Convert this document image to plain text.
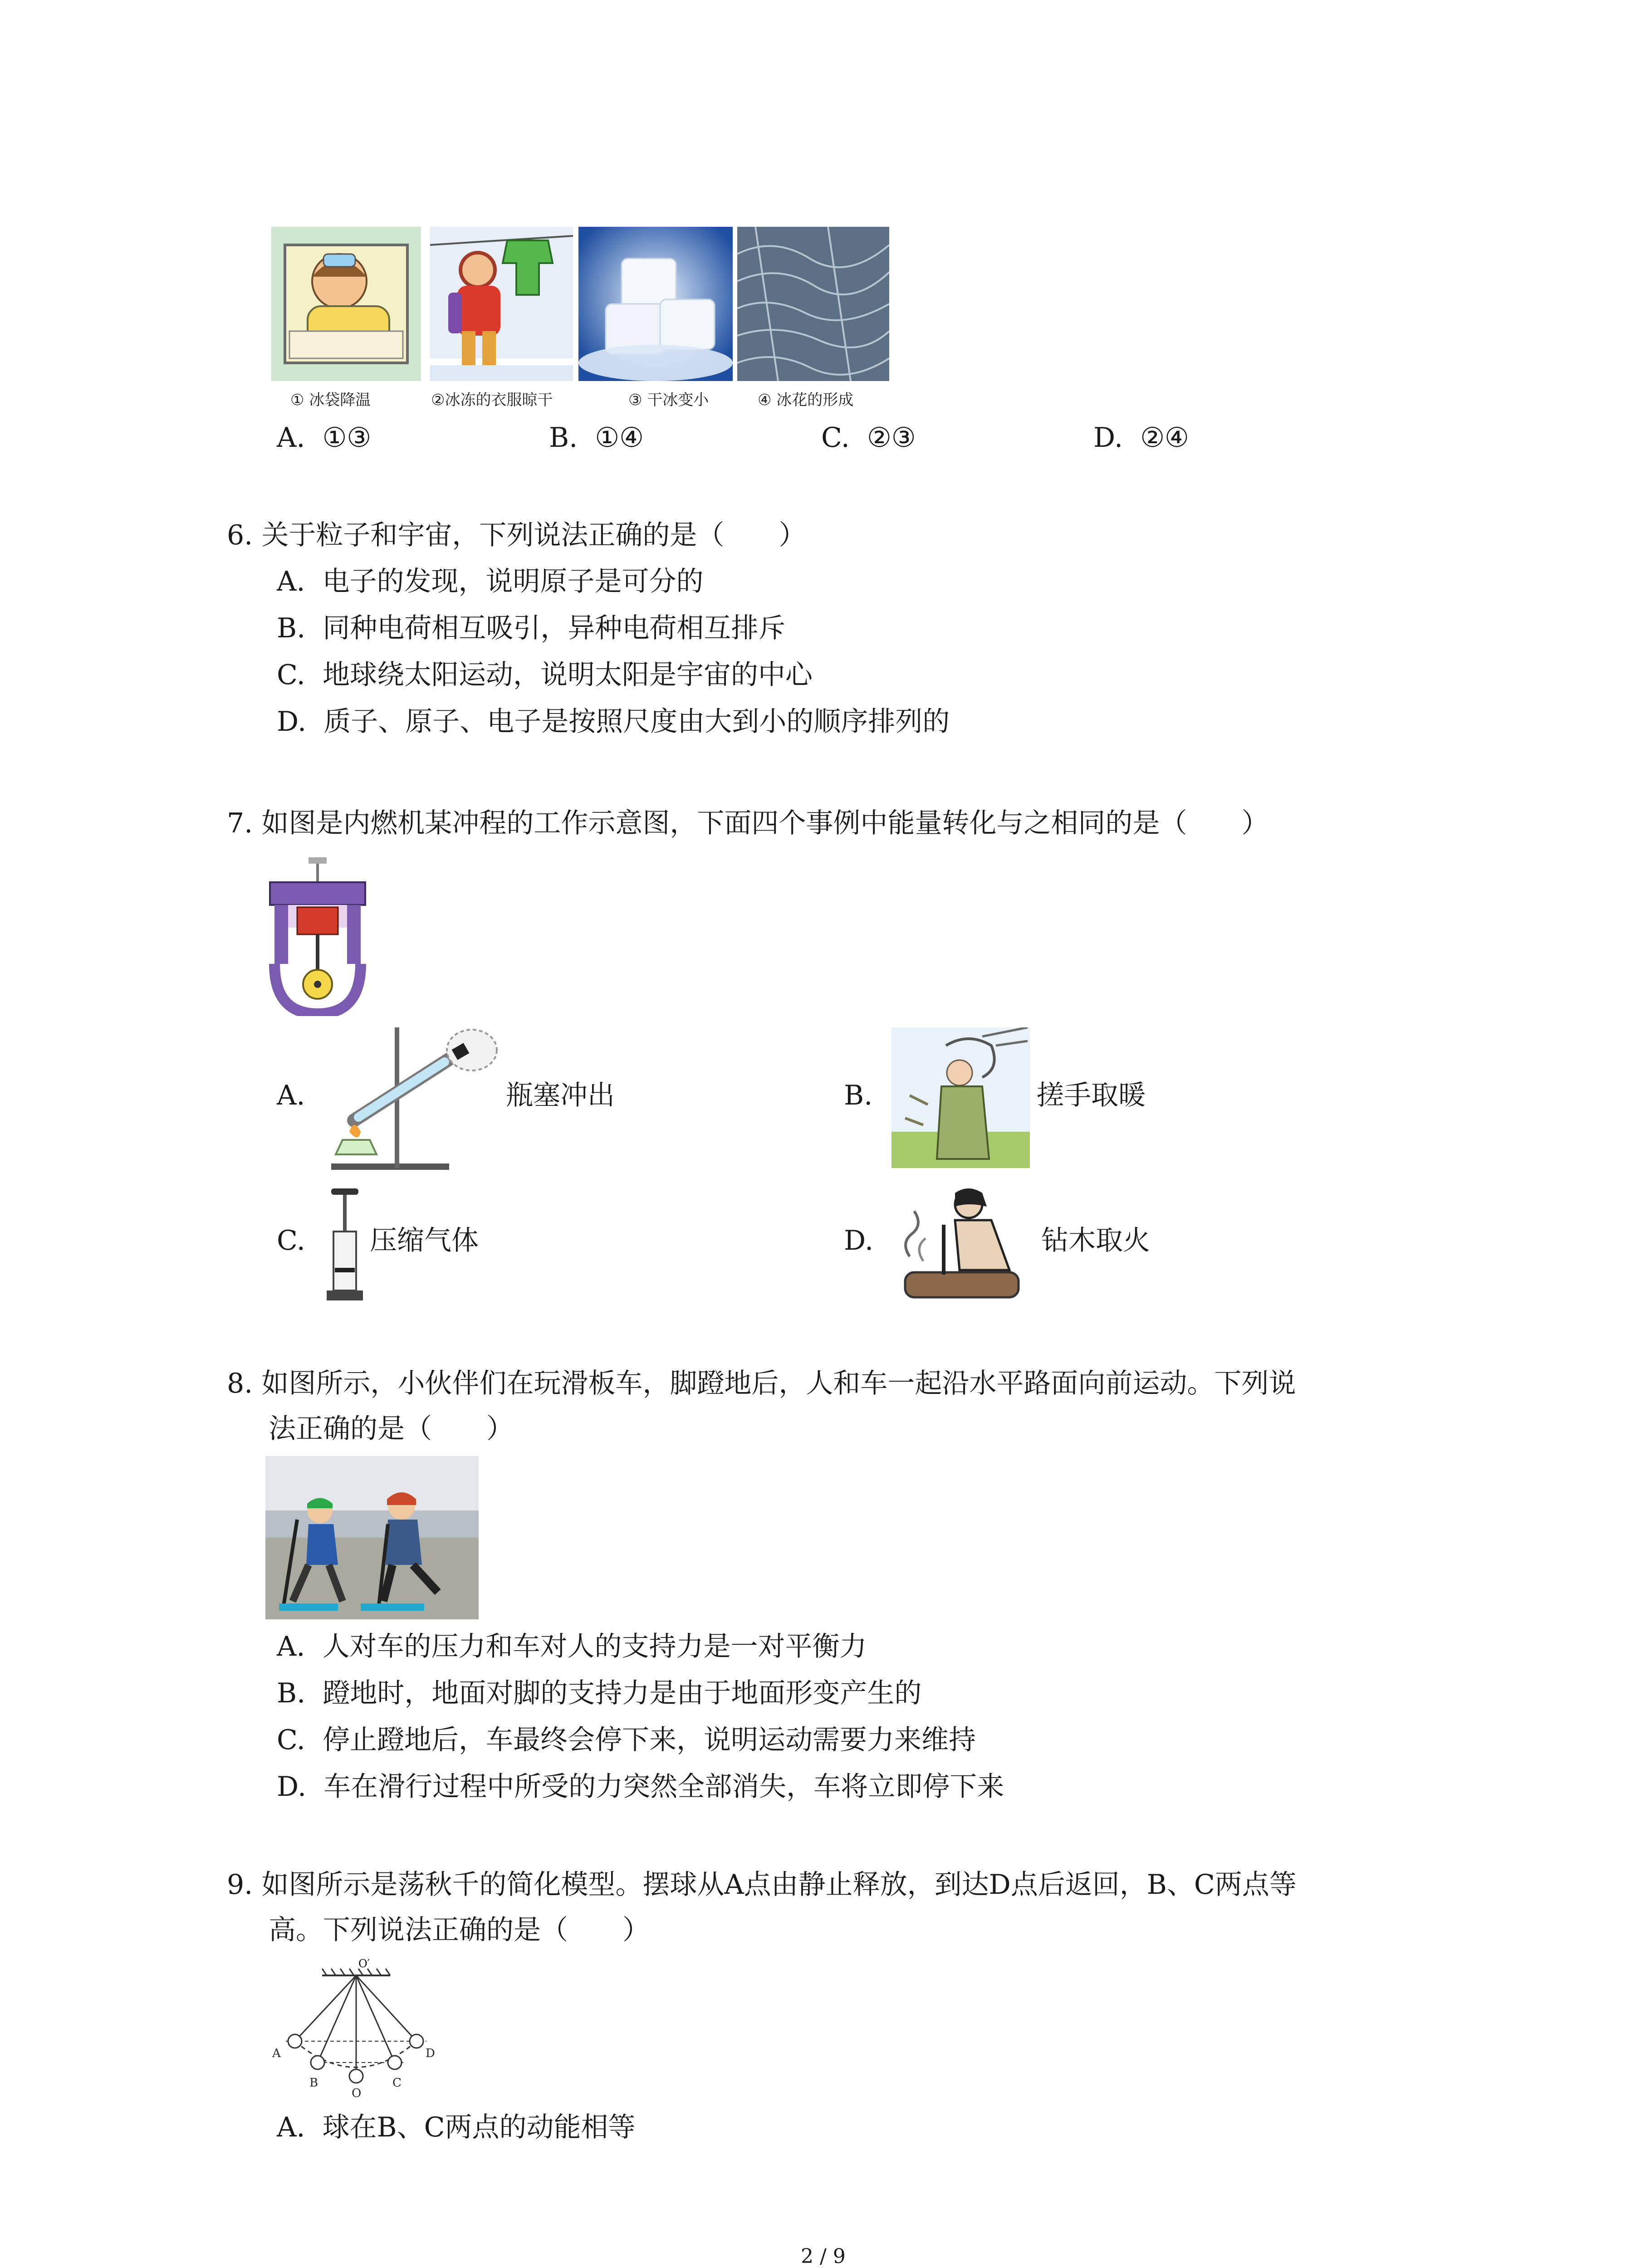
① 冰袋降温	②冰冻的衣服晾干	③ 干冰变小	④ 冰花的形成
A. ①③	B. ①④	C. ②③	D. ②④
6. 关于粒子和宇宙，下列说法正确的是（　　）
A. 电子的发现，说明原子是可分的
B. 同种电荷相互吸引，异种电荷相互排斥
C. 地球绕太阳运动，说明太阳是宇宙的中心
D. 质子、原子、电子是按照尺度由大到小的顺序排列的
7. 如图是内燃机某冲程的工作示意图，下面四个事例中能量转化与之相同的是（　　）
A.	瓶塞冲出	B.	搓手取暖
C. 压缩气体	D.	钻木取火
8. 如图所示，小伙伴们在玩滑板车，脚蹬地后，人和车一起沿水平路面向前运动。下列说
法正确的是（　　）
A. 人对车的压力和车对人的支持力是一对平衡力
B. 蹬地时，地面对脚的支持力是由于地面形变产生的
C. 停止蹬地后，车最终会停下来，说明运动需要力来维持
D. 车在滑行过程中所受的力突然全部消失，车将立即停下来
9. 如图所示是荡秋千的简化模型。摆球从A点由静止释放，到达D点后返回，B、C两点等
高。下列说法正确的是（　　）
O′
A
B
O
C
D
A. 球在B、C两点的动能相等
2 / 9
